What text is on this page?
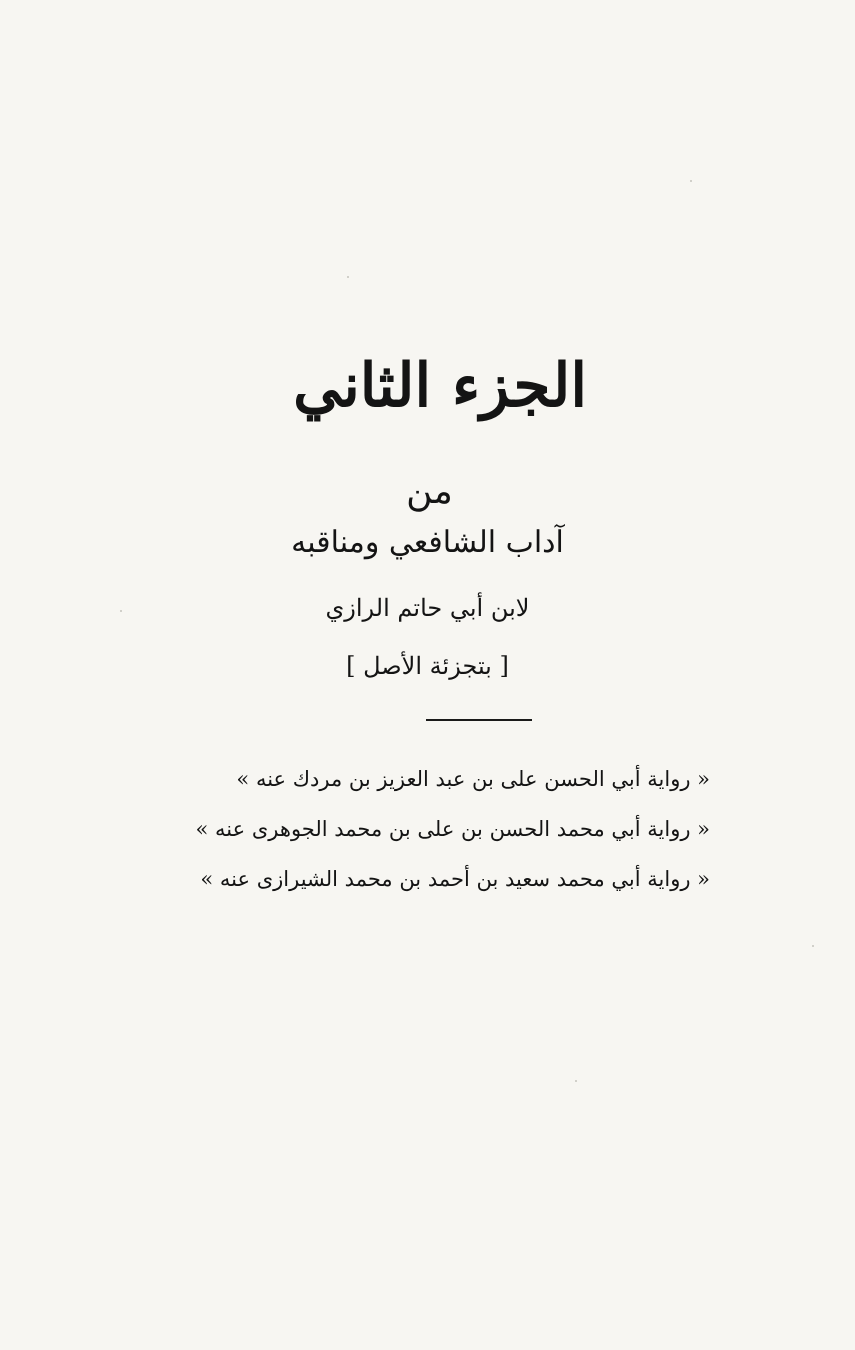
الجزء الثاني
من
آداب الشافعي ومناقبه
لابن أبي حاتم الرازي
[ بتجزئة الأصل ]
« رواية أبي الحسن على بن عبد العزيز بن مردك عنه »
« رواية أبي محمد الحسن بن على بن محمد الجوهرى عنه »
« رواية أبي محمد سعيد بن أحمد بن محمد الشيرازى عنه »
